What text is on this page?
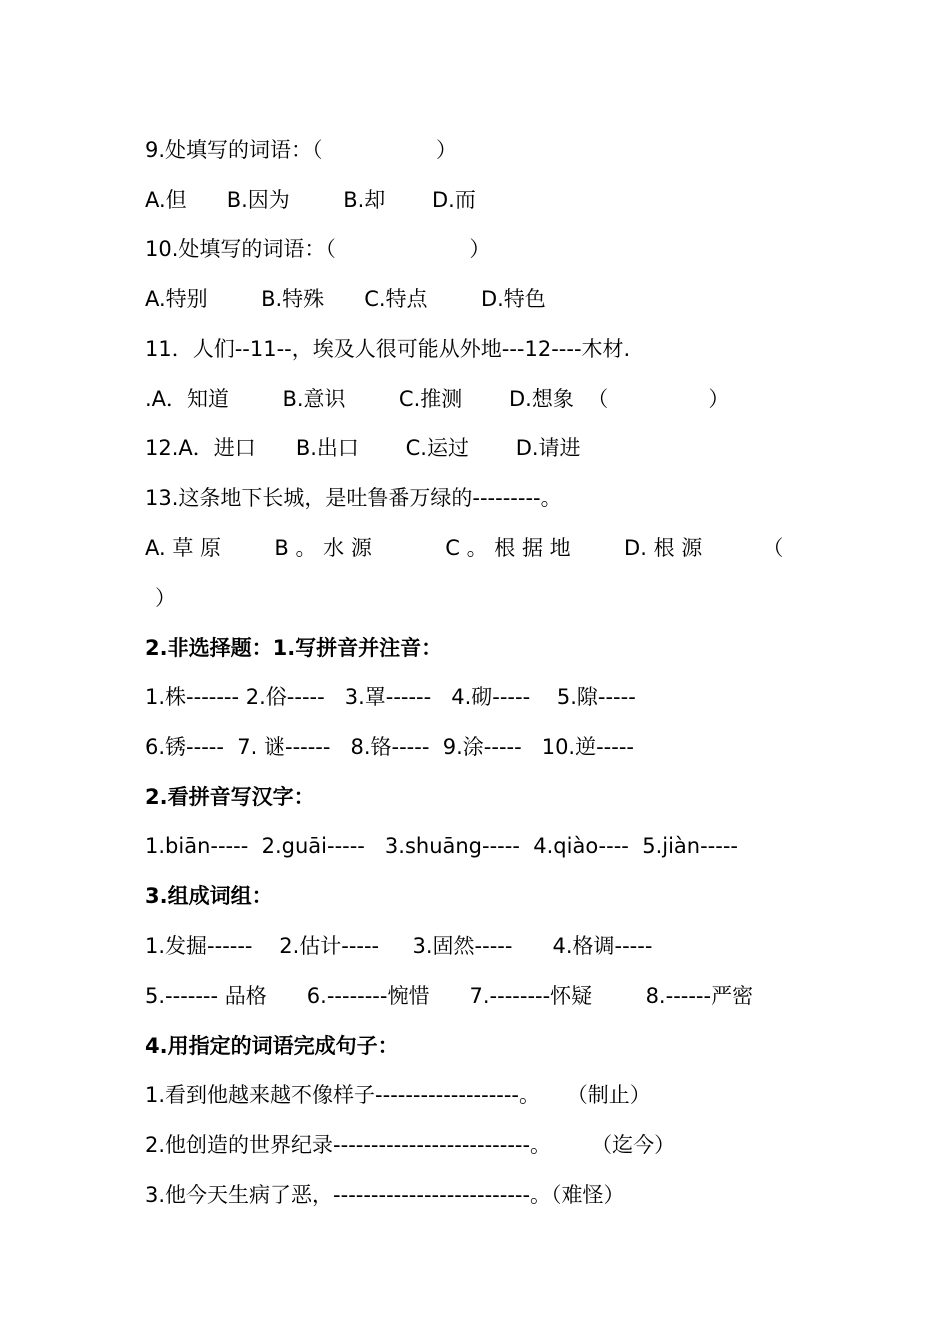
9.处填写的词语：（                 ）
A.但      B.因为        B.却       D.而
10.处填写的词语：（                    ）
A.特别        B.特殊      C.特点        D.特色
11．人们--11--，埃及人很可能从外地---12----木材.
.A．知道        B.意识        C.推测       D.想象  （               ）
12.A．进口      B.出口       C.运过       D.请进
13.这条地下长城，是吐鲁番万绿的---------。
A. 草 原        B 。 水 源           C 。 根 据 地        D. 根 源         （
）
2.非选择题：1.写拼音并注音：
1.株------- 2.俗-----   3.罩------   4.砌-----    5.隙-----
6.锈-----  7. 谜------   8.铬-----  9.涂-----   10.逆-----
2.看拼音写汉字：
1.biān-----  2.guāi-----   3.shuāng-----  4.qiào----  5.jiàn-----
3.组成词组：
1.发掘------    2.估计-----     3.固然-----      4.格调-----
5.------- 品格      6.--------惋惜      7.--------怀疑        8.------严密
4.用指定的词语完成句子：
1.看到他越来越不像样子-------------------。    （制止）
2.他创造的世界纪录--------------------------。      （迄今）
3.他今天生病了恶，--------------------------。（难怪）
